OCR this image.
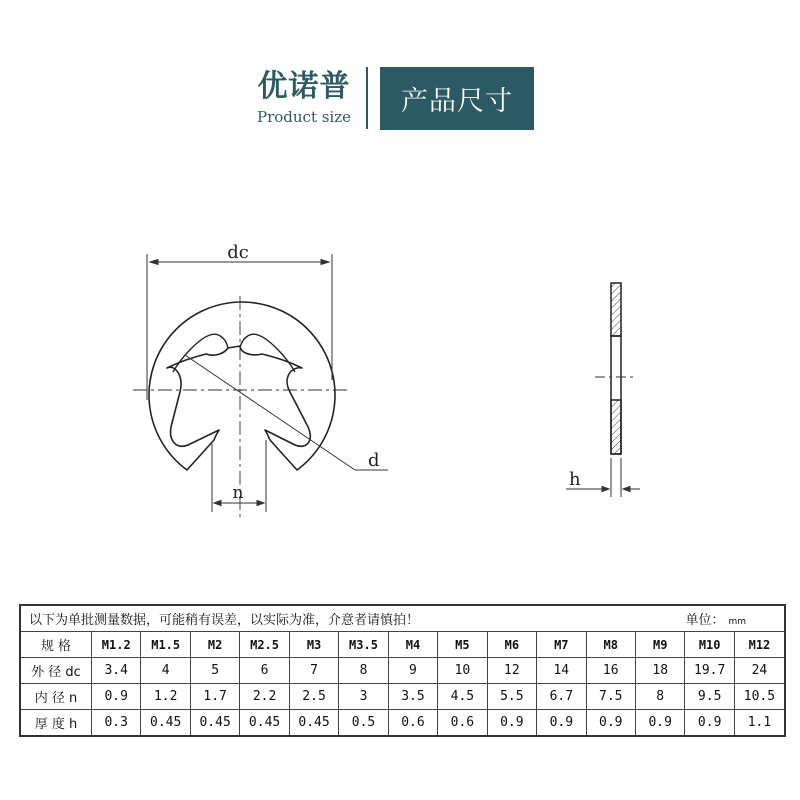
优诺普
Product size	产品尺寸
dc
d
n
h
以下为单批测量数据，可能稍有误差，以实际为准，介意者请慎拍！	单位： mm
规 格	M1.2	M1.5	M2	M2.5	M3	M3.5	M4	M5	M6	M7	M8	M9	M10	M12
外 径 dc	3.4	4	5	6	7	8	9	10	12	14	16	18	19.7	24
内 径 n	0.9	1.2	1.7	2.2	2.5	3	3.5	4.5	5.5	6.7	7.5	8	9.5	10.5
厚 度 h	0.3	0.45	0.45	0.45	0.45	0.5	0.6	0.6	0.9	0.9	0.9	0.9	0.9	1.1
